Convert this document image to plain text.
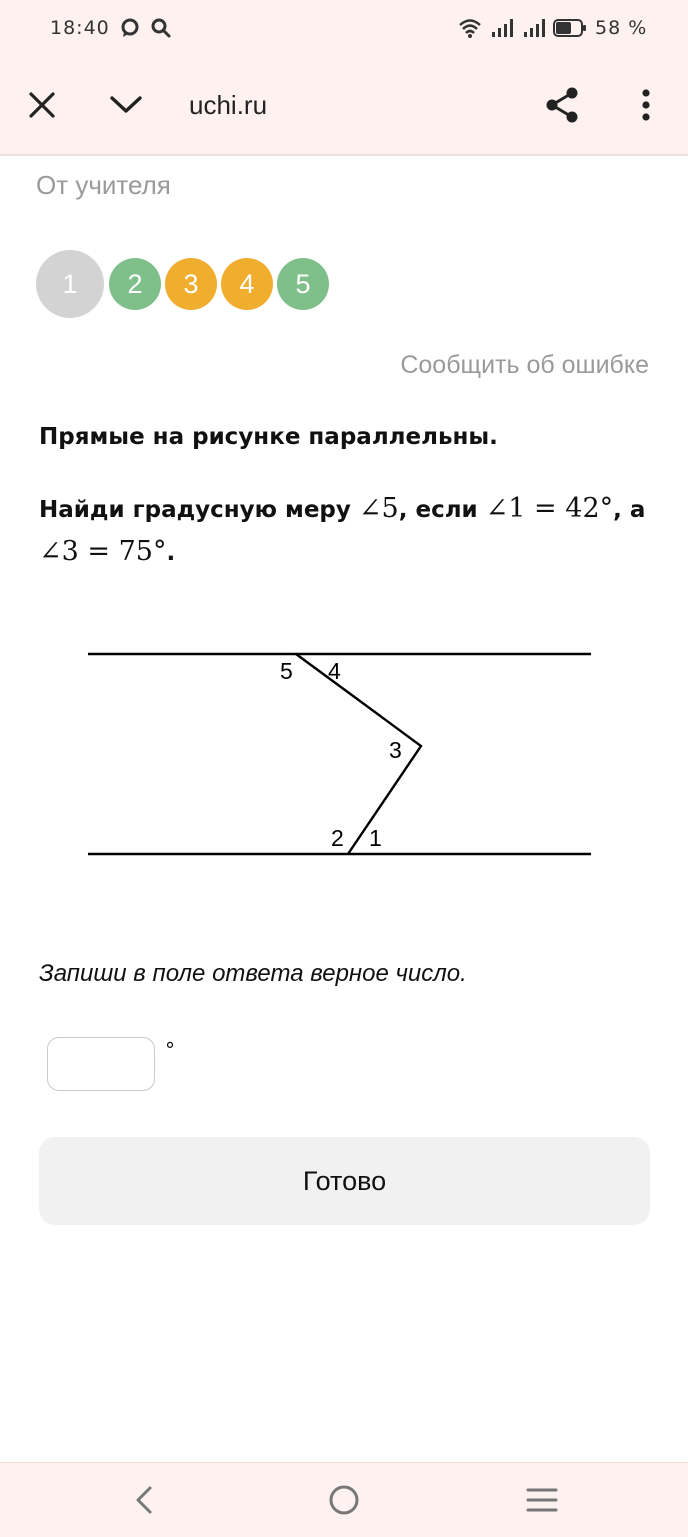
18:40	58 %
uchi.ru
От учителя
1 2 3 4 5
Сообщить об ошибке
Прямые на рисунке параллельны.
Найди градусную меру ∠5, если ∠1 = 42°, а
∠3 = 75°.
5 4
3
2 1
Запиши в поле ответа верное число.
°
Готово
